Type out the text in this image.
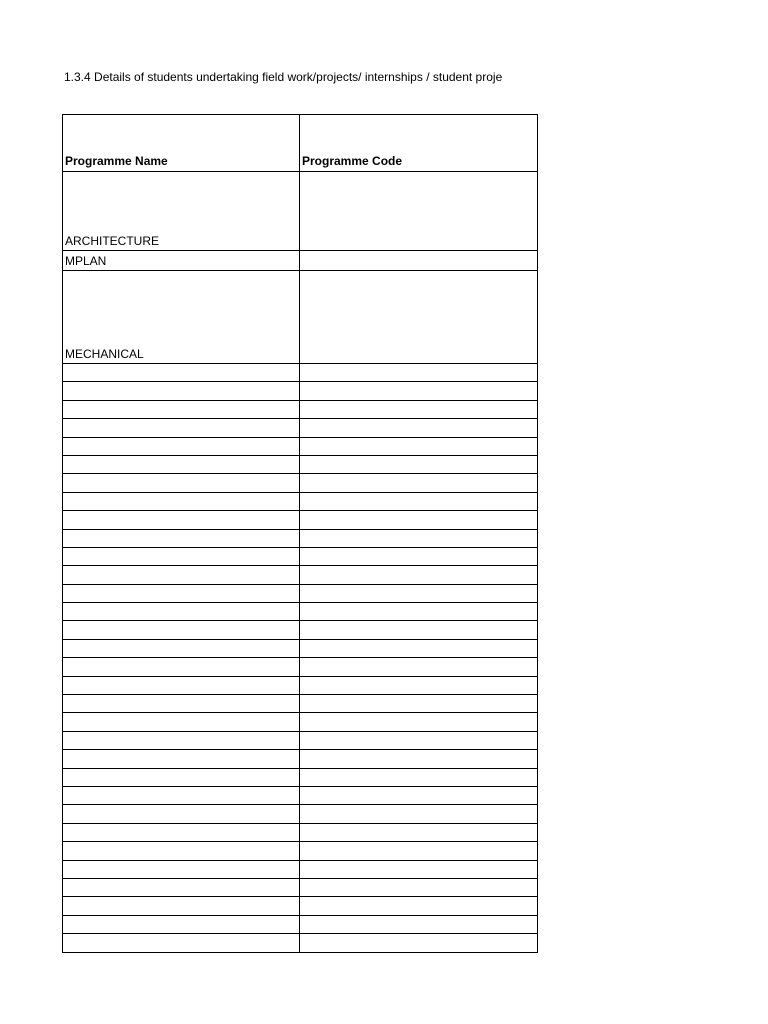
1.3.4 Details of students undertaking field work/projects/ internships / student proje
Programme Name	Programme Code
ARCHITECTURE	
MPLAN	
MECHANICAL	
